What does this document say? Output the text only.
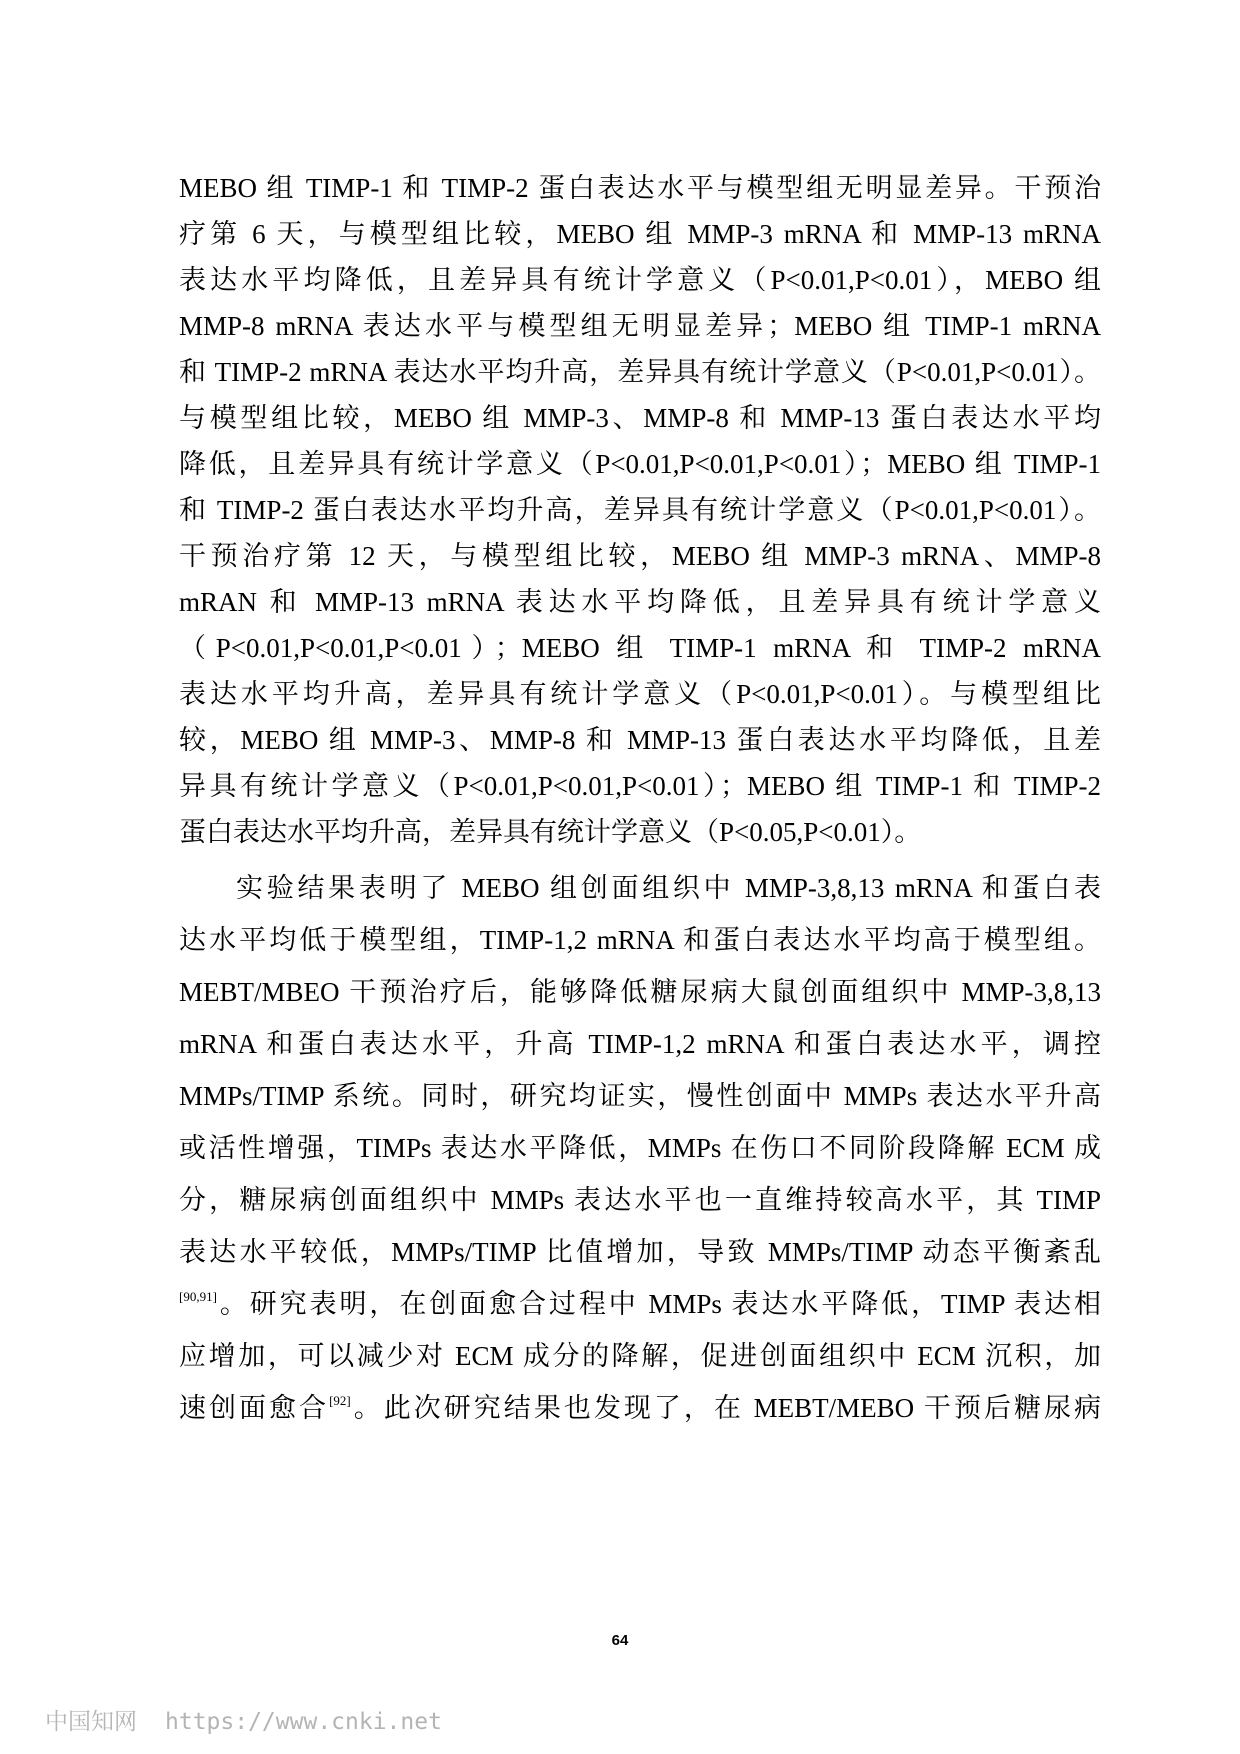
MEBO 组 TIMP-1 和 TIMP-2 蛋白表达水平与模型组无明显差异。干预治
疗第 6 天，与模型组比较，MEBO 组 MMP-3 mRNA 和 MMP-13 mRNA
表达水平均降低，且差异具有统计学意义（P<0.01,P<0.01），MEBO 组
MMP-8 mRNA 表达水平与模型组无明显差异；MEBO 组 TIMP-1 mRNA
和 TIMP-2 mRNA 表达水平均升高，差异具有统计学意义（P<0.01,P<0.01）。
与模型组比较，MEBO 组 MMP-3、MMP-8 和 MMP-13 蛋白表达水平均
降低，且差异具有统计学意义（P<0.01,P<0.01,P<0.01）；MEBO 组 TIMP-1
和 TIMP-2 蛋白表达水平均升高，差异具有统计学意义（P<0.01,P<0.01）。
干预治疗第 12 天，与模型组比较，MEBO 组 MMP-3 mRNA、MMP-8
mRAN 和 MMP-13 mRNA 表达水平均降低，且差异具有统计学意义
（P<0.01,P<0.01,P<0.01）；MEBO 组 TIMP-1 mRNA 和 TIMP-2 mRNA
表达水平均升高，差异具有统计学意义（P<0.01,P<0.01）。与模型组比
较，MEBO 组 MMP-3、MMP-8 和 MMP-13 蛋白表达水平均降低，且差
异具有统计学意义（P<0.01,P<0.01,P<0.01）；MEBO 组 TIMP-1 和 TIMP-2
蛋白表达水平均升高，差异具有统计学意义（P<0.05,P<0.01）。
实验结果表明了 MEBO 组创面组织中 MMP-3,8,13 mRNA 和蛋白表
达水平均低于模型组，TIMP-1,2 mRNA 和蛋白表达水平均高于模型组。
MEBT/MBEO 干预治疗后，能够降低糖尿病大鼠创面组织中 MMP-3,8,13
mRNA 和蛋白表达水平，升高 TIMP-1,2 mRNA 和蛋白表达水平，调控
MMPs/TIMP 系统。同时，研究均证实，慢性创面中 MMPs 表达水平升高
或活性增强，TIMPs 表达水平降低，MMPs 在伤口不同阶段降解 ECM 成
分，糖尿病创面组织中 MMPs 表达水平也一直维持较高水平，其 TIMP
表达水平较低，MMPs/TIMP 比值增加，导致 MMPs/TIMP 动态平衡紊乱
[90,91]。研究表明，在创面愈合过程中 MMPs 表达水平降低，TIMP 表达相
应增加，可以减少对 ECM 成分的降解，促进创面组织中 ECM 沉积，加
速创面愈合[92]。此次研究结果也发现了，在 MEBT/MEBO 干预后糖尿病
64
中国知网 https://www.cnki.net
